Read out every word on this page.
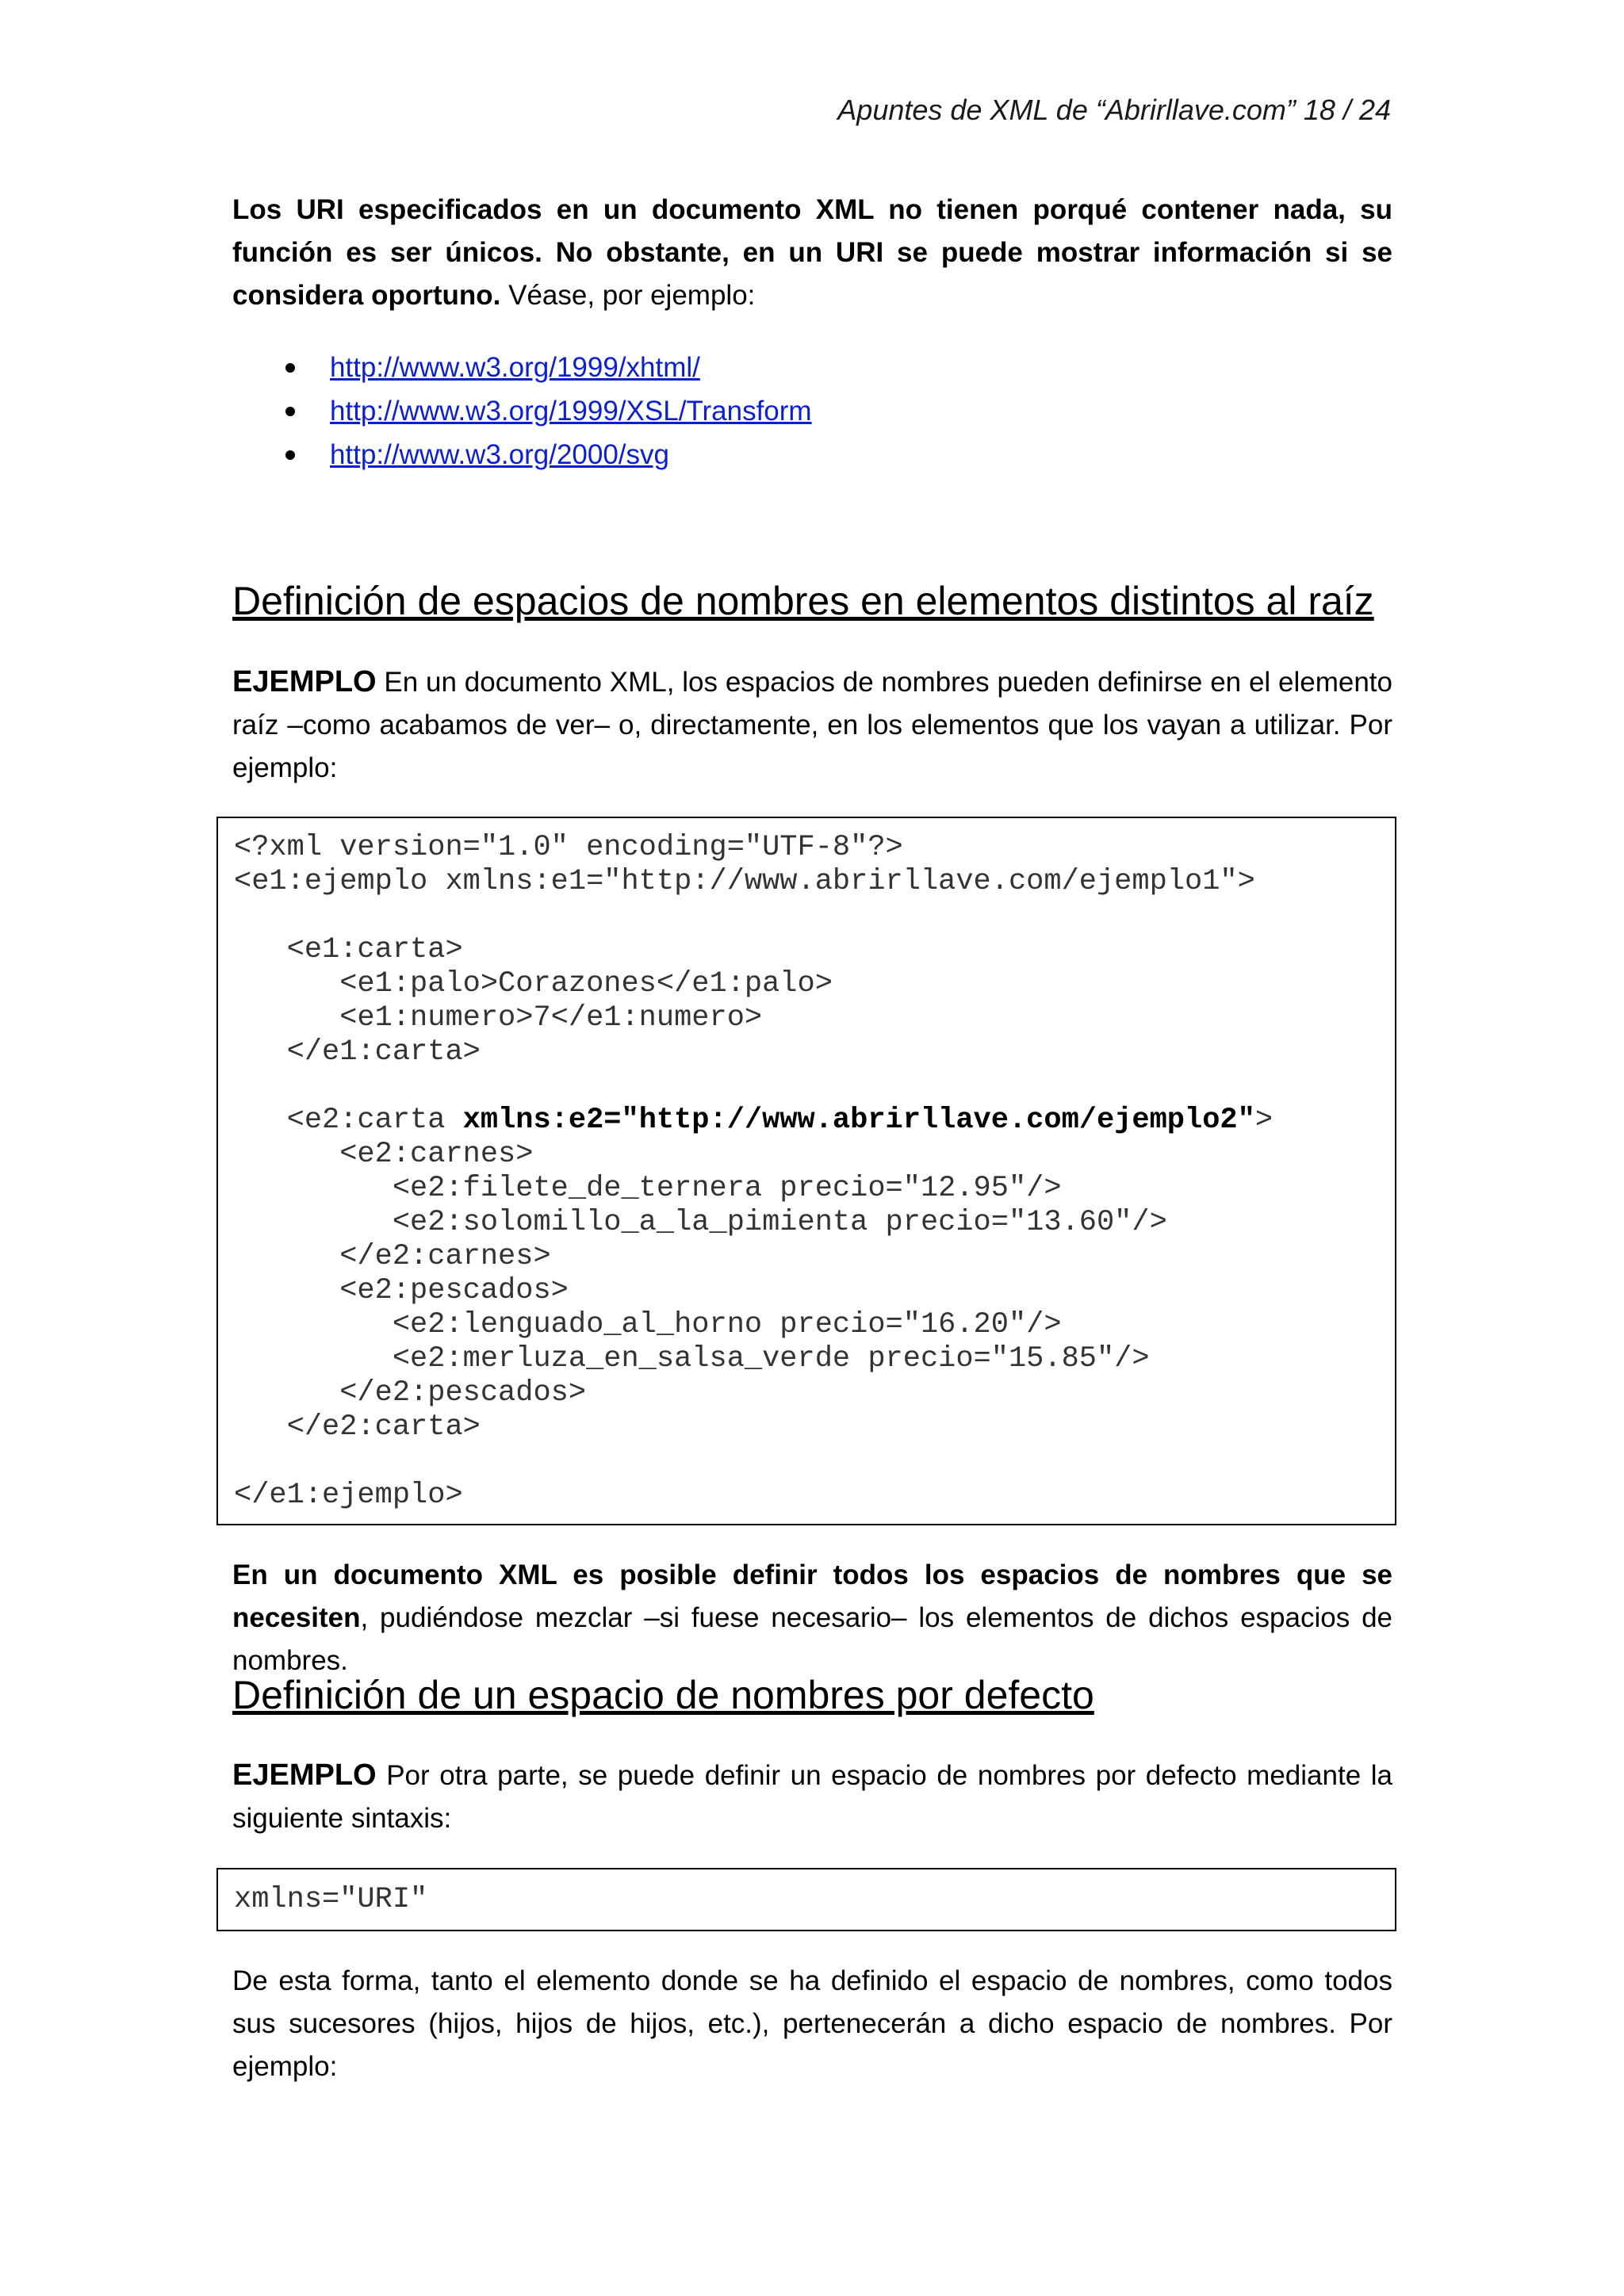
Apuntes de XML de “Abrirllave.com” 18 / 24
Los URI especificados en un documento XML no tienen porqué contener nada, su función es ser únicos. No obstante, en un URI se puede mostrar información si se considera oportuno. Véase, por ejemplo:
http://www.w3.org/1999/xhtml/
http://www.w3.org/1999/XSL/Transform
http://www.w3.org/2000/svg
Definición de espacios de nombres en elementos distintos al raíz
EJEMPLO En un documento XML, los espacios de nombres pueden definirse en el elemento raíz –como acabamos de ver– o, directamente, en los elementos que los vayan a utilizar. Por ejemplo:
<?xml version="1.0" encoding="UTF-8"?>
<e1:ejemplo xmlns:e1="http://www.abrirllave.com/ejemplo1">
<e1:carta>
<e1:palo>Corazones</e1:palo>
<e1:numero>7</e1:numero>
</e1:carta>
<e2:carta xmlns:e2="http://www.abrirllave.com/ejemplo2">
<e2:carnes>
<e2:filete_de_ternera precio="12.95"/>
<e2:solomillo_a_la_pimienta precio="13.60"/>
</e2:carnes>
<e2:pescados>
<e2:lenguado_al_horno precio="16.20"/>
<e2:merluza_en_salsa_verde precio="15.85"/>
</e2:pescados>
</e2:carta>
</e1:ejemplo>
En un documento XML es posible definir todos los espacios de nombres que se necesiten, pudiéndose mezclar –si fuese necesario– los elementos de dichos espacios de nombres.
Definición de un espacio de nombres por defecto
EJEMPLO Por otra parte, se puede definir un espacio de nombres por defecto mediante la siguiente sintaxis:
xmlns="URI"
De esta forma, tanto el elemento donde se ha definido el espacio de nombres, como todos sus sucesores (hijos, hijos de hijos, etc.), pertenecerán a dicho espacio de nombres. Por ejemplo:
